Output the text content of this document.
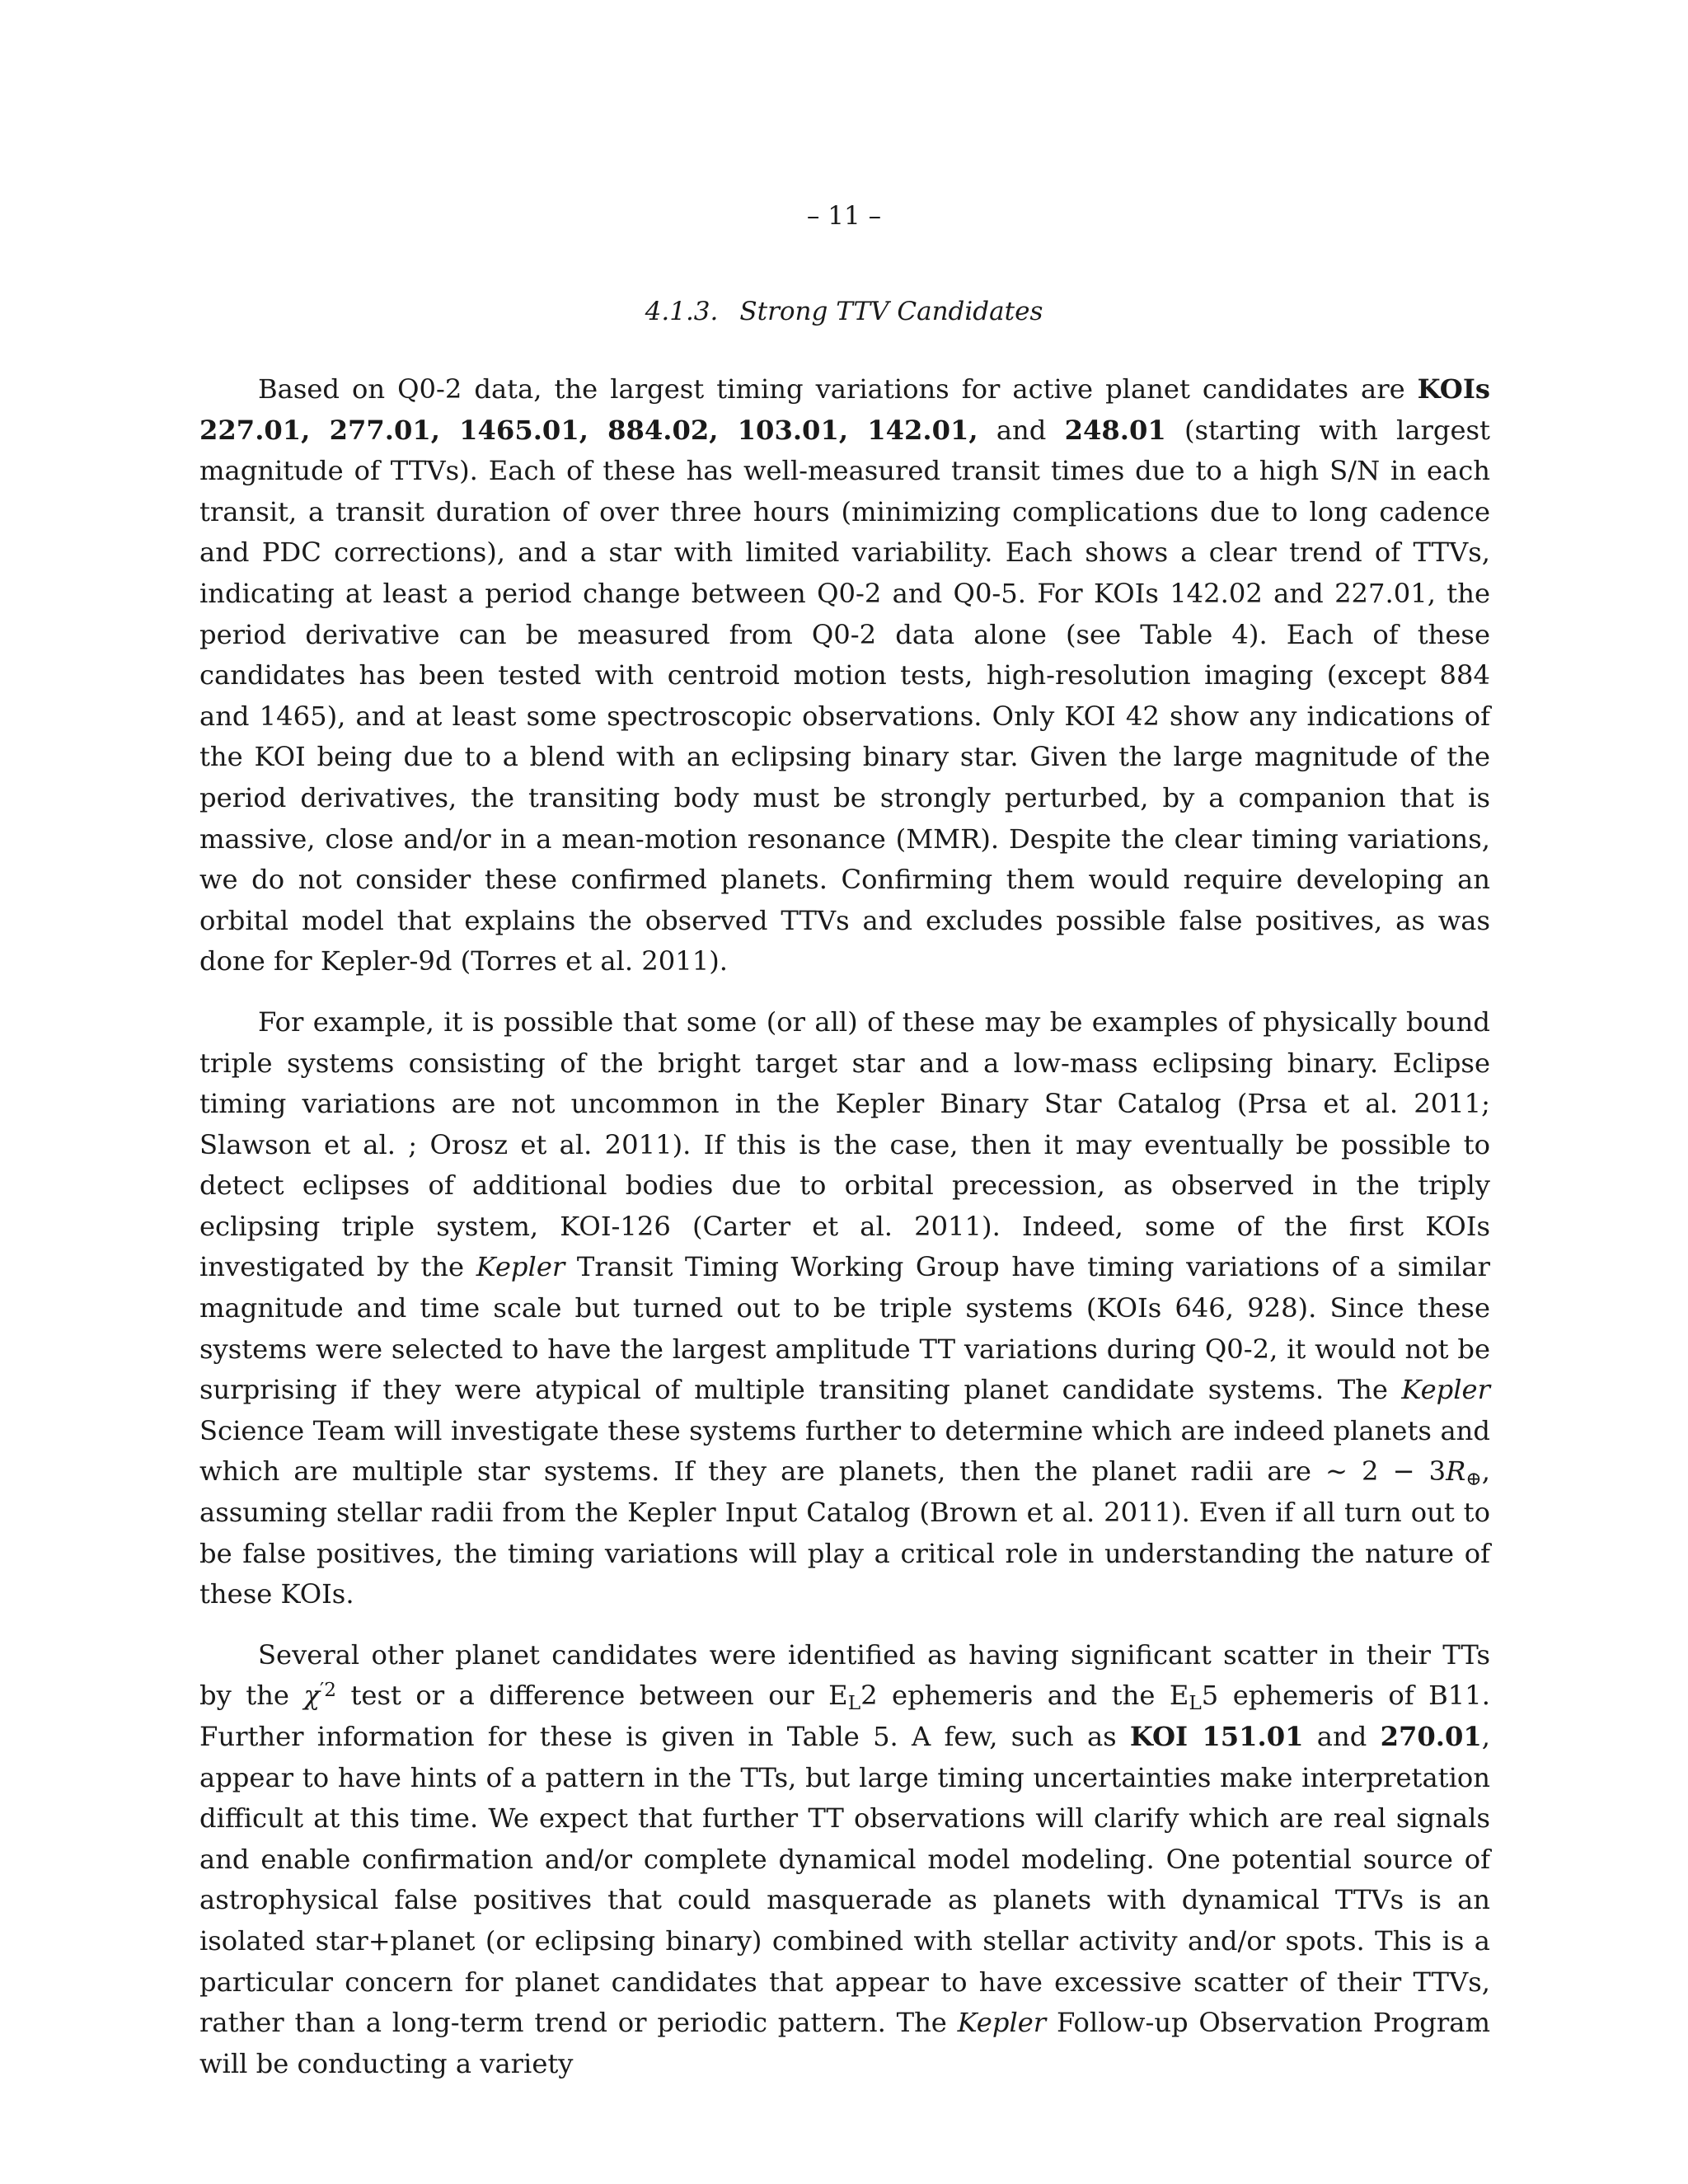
– 11 –
4.1.3. Strong TTV Candidates

Based on Q0-2 data, the largest timing variations for active planet candidates are KOIs 227.01, 277.01, 1465.01, 884.02, 103.01, 142.01, and 248.01 (starting with largest magnitude of TTVs). Each of these has well-measured transit times due to a high S/N in each transit, a transit duration of over three hours (minimizing complications due to long cadence and PDC corrections), and a star with limited variability. Each shows a clear trend of TTVs, indicating at least a period change between Q0-2 and Q0-5. For KOIs 142.02 and 227.01, the period derivative can be measured from Q0-2 data alone (see Table 4). Each of these candidates has been tested with centroid motion tests, high-resolution imaging (except 884 and 1465), and at least some spectroscopic observations. Only KOI 42 show any indications of the KOI being due to a blend with an eclipsing binary star. Given the large magnitude of the period derivatives, the transiting body must be strongly perturbed, by a companion that is massive, close and/or in a mean-motion resonance (MMR). Despite the clear timing variations, we do not consider these confirmed planets. Confirming them would require developing an orbital model that explains the observed TTVs and excludes possible false positives, as was done for Kepler-9d (Torres et al. 2011).

For example, it is possible that some (or all) of these may be examples of physically bound triple systems consisting of the bright target star and a low-mass eclipsing binary. Eclipse timing variations are not uncommon in the Kepler Binary Star Catalog (Prsa et al. 2011; Slawson et al. ; Orosz et al. 2011). If this is the case, then it may eventually be possible to detect eclipses of additional bodies due to orbital precession, as observed in the triply eclipsing triple system, KOI-126 (Carter et al. 2011). Indeed, some of the first KOIs investigated by the Kepler Transit Timing Working Group have timing variations of a similar magnitude and time scale but turned out to be triple systems (KOIs 646, 928). Since these systems were selected to have the largest amplitude TT variations during Q0-2, it would not be surprising if they were atypical of multiple transiting planet candidate systems. The Kepler Science Team will investigate these systems further to determine which are indeed planets and which are multiple star systems. If they are planets, then the planet radii are ∼ $2 - 3R_\oplus$, assuming stellar radii from the Kepler Input Catalog (Brown et al. 2011). Even if all turn out to be false positives, the timing variations will play a critical role in understanding the nature of these KOIs.

Several other planet candidates were identified as having significant scatter in their TTs by the $\chi^{'2}$ test or a difference between our $E_L2$ ephemeris and the $E_L5$ ephemeris of B11. Further information for these is given in Table 5. A few, such as KOI 151.01 and 270.01, appear to have hints of a pattern in the TTs, but large timing uncertainties make interpretation difficult at this time. We expect that further TT observations will clarify which are real signals and enable confirmation and/or complete dynamical model modeling. One potential source of astrophysical false positives that could masquerade as planets with dynamical TTVs is an isolated star+planet (or eclipsing binary) combined with stellar activity and/or spots. This is a particular concern for planet candidates that appear to have excessive scatter of their TTVs, rather than a long-term trend or periodic pattern. The Kepler Follow-up Observation Program will be conducting a variety
